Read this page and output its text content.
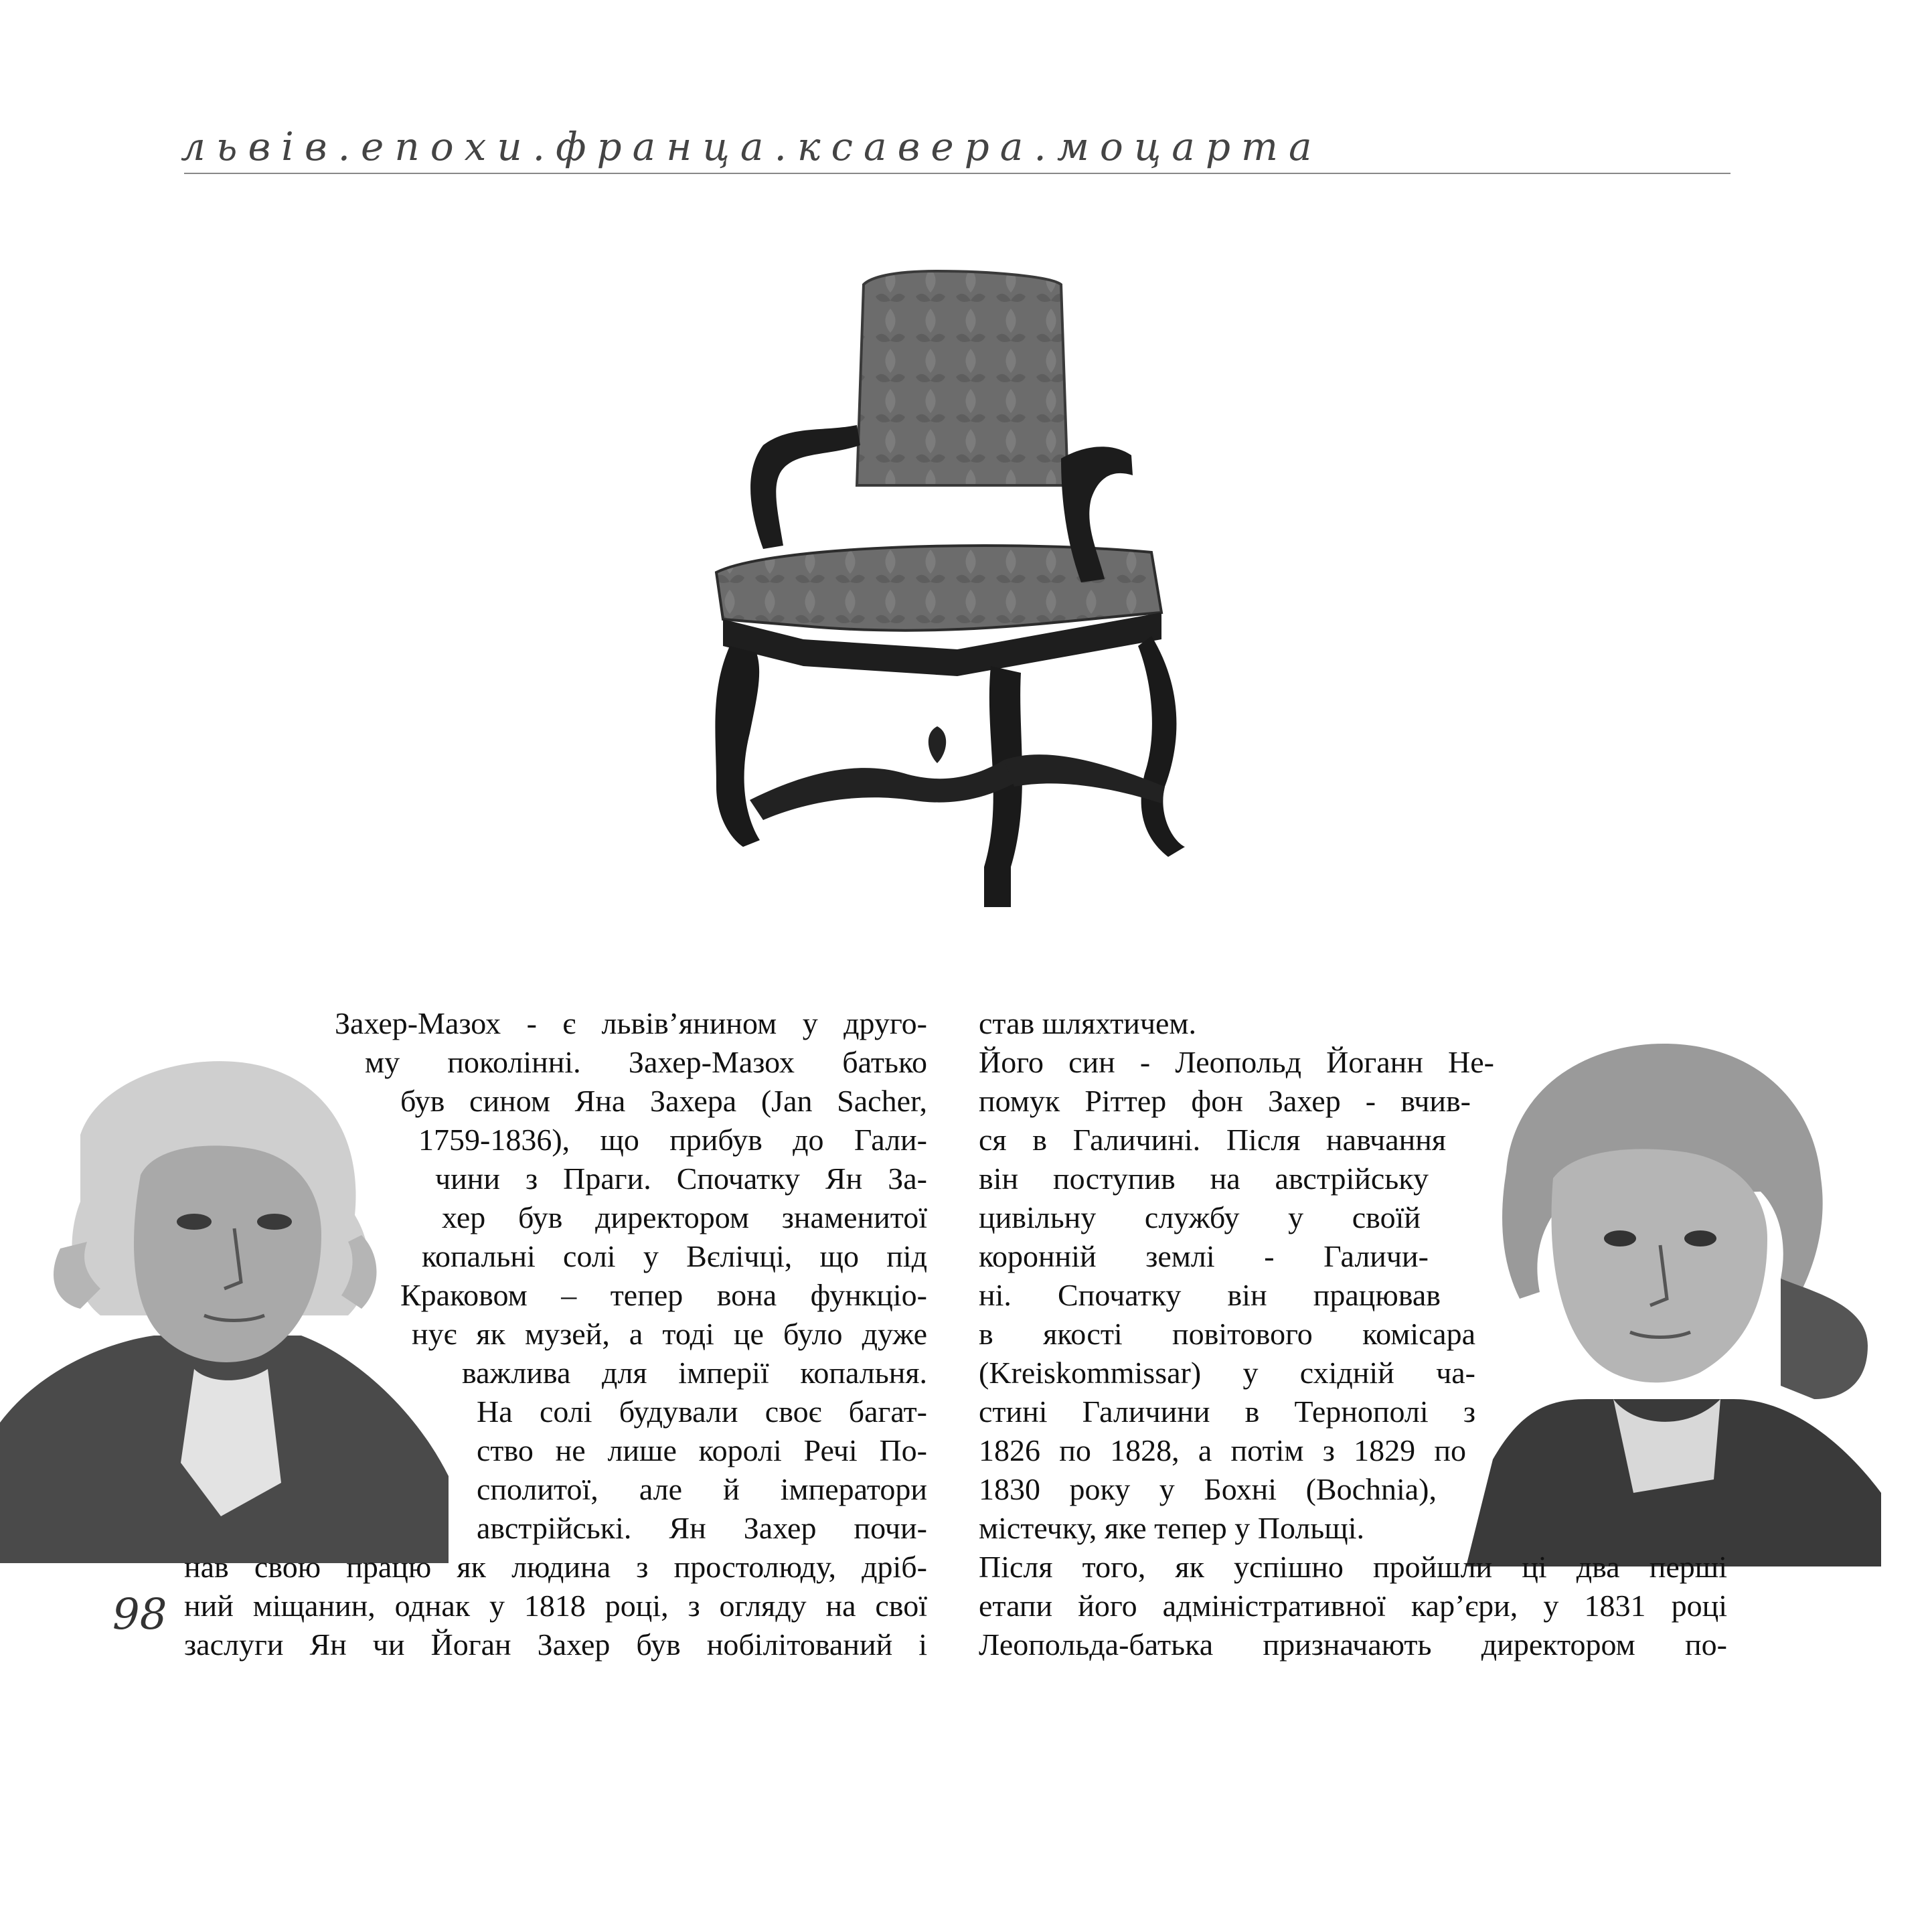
львів.епохи.франца.ксавера.моцарта
Захер-Мазох - є львів’янином у друго-
му поколінні. Захер-Мазох батько
був сином Яна Захера (Jan Sacher,
1759-1836), що прибув до Гали-
чини з Праги. Спочатку Ян За-
хер був директором знаменитої
копальні солі у Вєлічці, що під
Краковом – тепер вона функціо-
нує як музей, а тоді це було дуже
важлива для імперії копальня.
На солі будували своє багат-
ство не лише королі Речі По-
сполитої, але й імператори
австрійські. Ян Захер почи-
нав свою працю як людина з простолюду, дріб-
ний міщанин, однак у 1818 році, з огляду на свої
заслуги Ян чи Йоган Захер був нобілітований і
став шляхтичем.
Його син - Леопольд Йоганн Не-
помук Ріттер фон Захер - вчив-
ся в Галичині. Після навчання
він поступив на австрійську
цивільну службу у своїй
коронній землі - Галичи-
ні. Спочатку він працював
в якості повітового комісара
(Kreiskommissar) у східній ча-
стині Галичини в Тернополі з
1826 по 1828, а потім з 1829 по
1830 року у Бохні (Bochnia),
містечку, яке тепер у Польщі.
Після того, як успішно пройшли ці два перші
етапи його адміністративної кар’єри, у 1831 році
Леопольда-батька призначають директором по-
98
